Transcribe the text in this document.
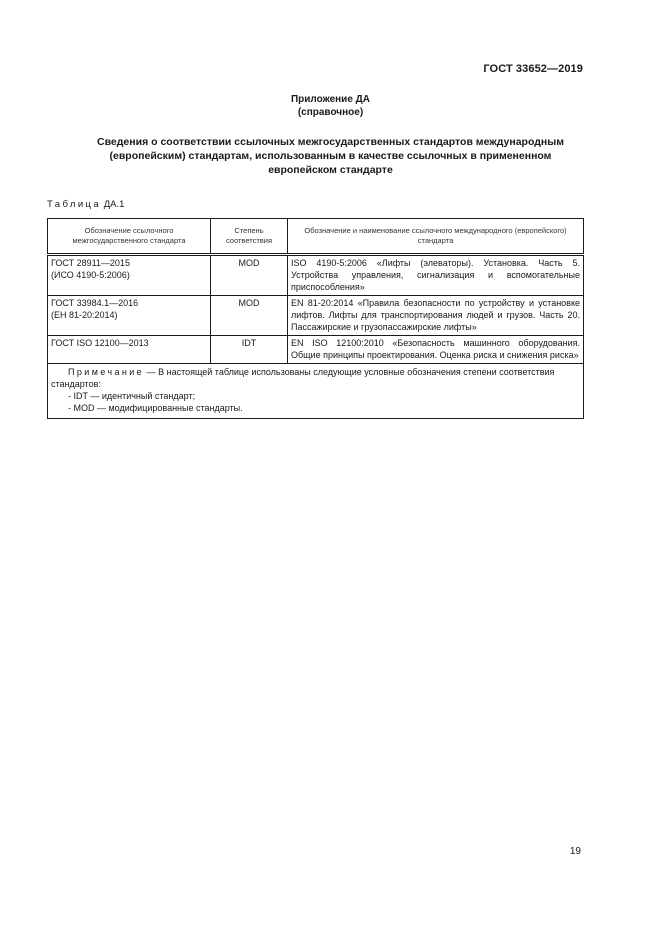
ГОСТ 33652—2019
Приложение ДА
(справочное)
Сведения о соответствии ссылочных межгосударственных стандартов международным
(европейским) стандартам, использованным в качестве ссылочных в примененном
европейском стандарте
Таблица ДА.1
Обозначение ссылочного межгосударственного стандарта	Степень соответствия	Обозначение и наименование ссылочного международного (европейского) стандарта

ГОСТ 28911—2015
(ИСО 4190-5:2006)	MOD	ISO 4190-5:2006 «Лифты (элеваторы). Установка. Часть 5. Устройства управления, сигнализация и вспомогательные приспособления»

ГОСТ 33984.1—2016
(ЕН 81-20:2014)	MOD	EN 81-20:2014 «Правила безопасности по устройству и установке лифтов. Лифты для транспортирования людей и грузов. Часть 20. Пассажирские и грузопассажирские лифты»

ГОСТ ISO 12100—2013	IDT	EN ISO 12100:2010 «Безопасность машинного оборудования. Общие принципы проектирования. Оценка риска и снижения риска»
Примечание — В настоящей таблице использованы следующие условные обозначения степени соответствия стандартов:
- IDT — идентичный стандарт;
- MOD — модифицированные стандарты.		
19
